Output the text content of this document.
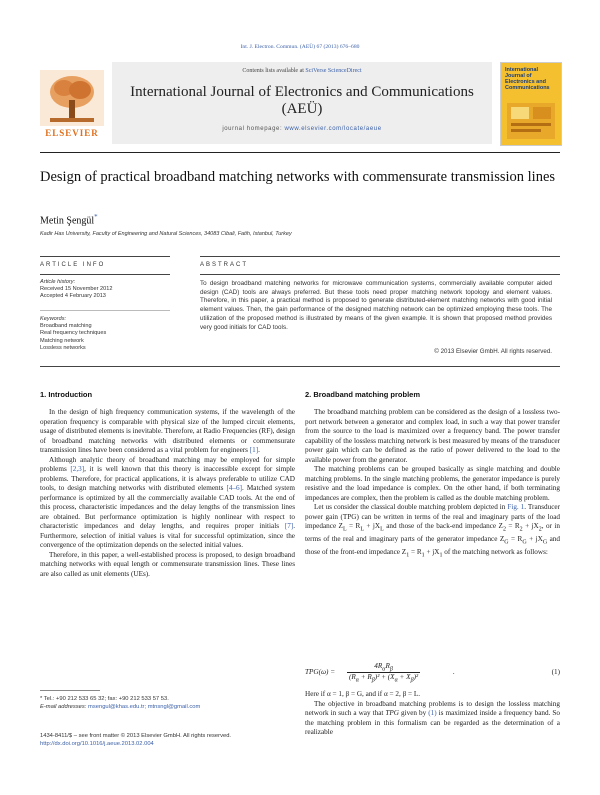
Int. J. Electron. Commun. (AEÜ) 67 (2013) 676–680
ELSEVIER
Contents lists available at SciVerse ScienceDirect
International Journal of Electronics and Communications (AEÜ)
journal homepage: www.elsevier.com/locate/aeue
International Journal of Electronics and Communications
Design of practical broadband matching networks with commensurate transmission lines
Metin Şengül*
Kadir Has University, Faculty of Engineering and Natural Sciences, 34083 Cibali, Fatih, Istanbul, Turkey
ARTICLE INFO
Article history:
Received 15 November 2012
Accepted 4 February 2013
Keywords:
Broadband matching
Real frequency techniques
Matching network
Lossless networks
ABSTRACT
To design broadband matching networks for microwave communication systems, commercially available computer aided design (CAD) tools are always preferred. But these tools need proper matching network topology and element values. Therefore, in this paper, a practical method is proposed to generate distributed-element matching networks with good initial element values. Then, the gain performance of the designed matching network can be optimized employing these tools. The utilization of the proposed method is illustrated by means of the given example. It is shown that proposed method provides very good initials for CAD tools.
© 2013 Elsevier GmbH. All rights reserved.
1. Introduction

In the design of high frequency communication systems, if the wavelength of the operation frequency is comparable with physical size of the lumped circuit elements, usage of distributed elements is inevitable. Therefore, at Radio Frequencies (RF), design of broadband matching networks with distributed elements or commensurate transmission lines have been considered as a vital problem for engineers [1].

Although analytic theory of broadband matching may be employed for simple problems [2,3], it is well known that this theory is inaccessible except for simple problems. Therefore, for practical applications, it is always preferable to utilize CAD tools, to design matching networks with distributed elements [4–6]. Matched system performance is optimized by all the commercially available CAD tools. At the end of this process, characteristic impedances and the delay lengths of the transmission lines are obtained. But performance optimization is highly nonlinear with respect to characteristic impedances and delay lengths, and requires proper initials [7]. Furthermore, selection of initial values is vital for successful optimization, since the convergence of the optimization depends on the selected initial values.

Therefore, in this paper, a well-established process is proposed, to design broadband matching networks with equal length or commensurate transmission lines. These lines are also called as unit elements (UEs).

* Tel.: +90 212 533 65 32; fax: +90 212 533 57 53.
E-mail addresses: msengul@khas.edu.tr; mtnsngl@gmail.com
1434-8411/$ – see front matter © 2013 Elsevier GmbH. All rights reserved.
http://dx.doi.org/10.1016/j.aeue.2013.02.004
2. Broadband matching problem

The broadband matching problem can be considered as the design of a lossless two-port network between a generator and complex load, in such a way that power transfer from the source to the load is maximized over a frequency band. The power transfer capability of the lossless matching network is best measured by means of the transducer power gain which can be defined as the ratio of power delivered to the load to the available power from the generator.

The matching problems can be grouped basically as single matching and double matching problems. In the single matching problems, the generator impedance is purely resistive and the load impedance is complex. On the other hand, if both terminating impedances are complex, then the problem is called as the double matching problem.

Let us consider the classical double matching problem depicted in Fig. 1. Transducer power gain (TPG) can be written in terms of the real and imaginary parts of the load impedance $Z_L = R_L + jX_L$ and those of the back-end impedance $Z_2 = R_2 + jX_2$, or in terms of the real and imaginary parts of the generator impedance $Z_G = R_G + jX_G$ and those of the front-end impedance $Z_1 = R_1 + jX_1$ of the matching network as follows:

TPG(ω) =
$4R_\alpha R_\beta$
$(R_\alpha + R_\beta)^2 + (X_\alpha + X_\beta)^2$
.	(1)
Here if α = 1, β = G, and if α = 2, β = L.

The objective in broadband matching problems is to design the lossless matching network in such a way that TPG given by (1) is maximized inside a frequency band. So the matching problem in this formalism can be regarded as the determination of a realizable
